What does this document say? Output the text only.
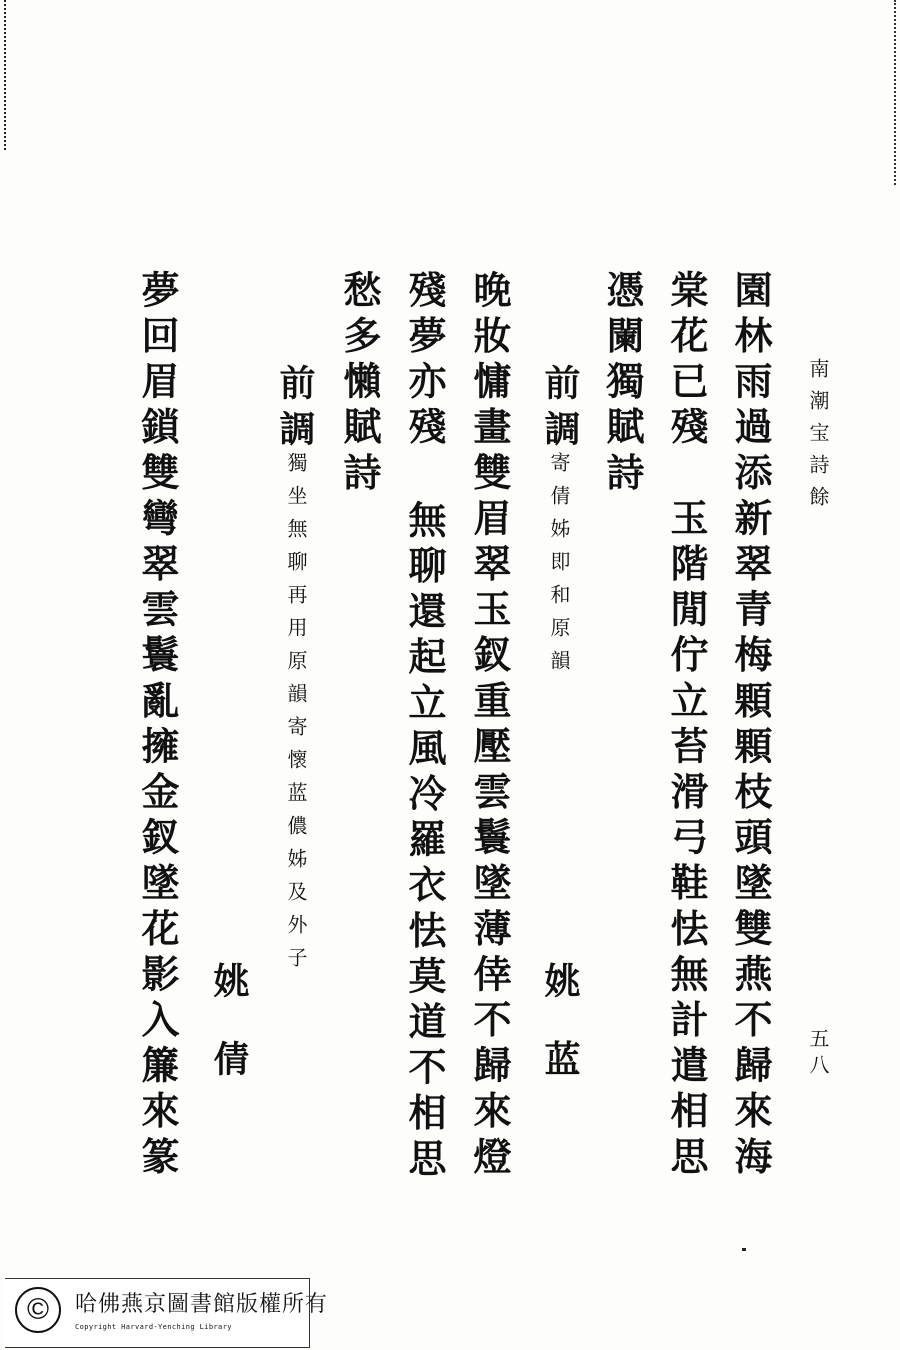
南潮宝詩餘
五八
園林雨過添新翠青梅顆顆枝頭墜雙燕不歸來海
棠花已殘　玉階閒佇立苔滑弓鞋怯無計遣相思
憑闌獨賦詩
前調
寄倩姊即和原韻
姚蓝
晚妝慵畫雙眉翠玉釵重壓雲鬟墜薄倖不歸來燈
殘夢亦殘
無聊還起立風冷羅衣怯莫道不相思
愁多懶賦詩
前調
獨坐無聊再用原韻寄懷蓝儂姊及外子
姚倩
夢回眉鎖雙彎翠雲鬟亂擁金釵墜花影入簾來篆
©	哈佛燕京圖書館版權所有
Copyright Harvard-Yenching Library
